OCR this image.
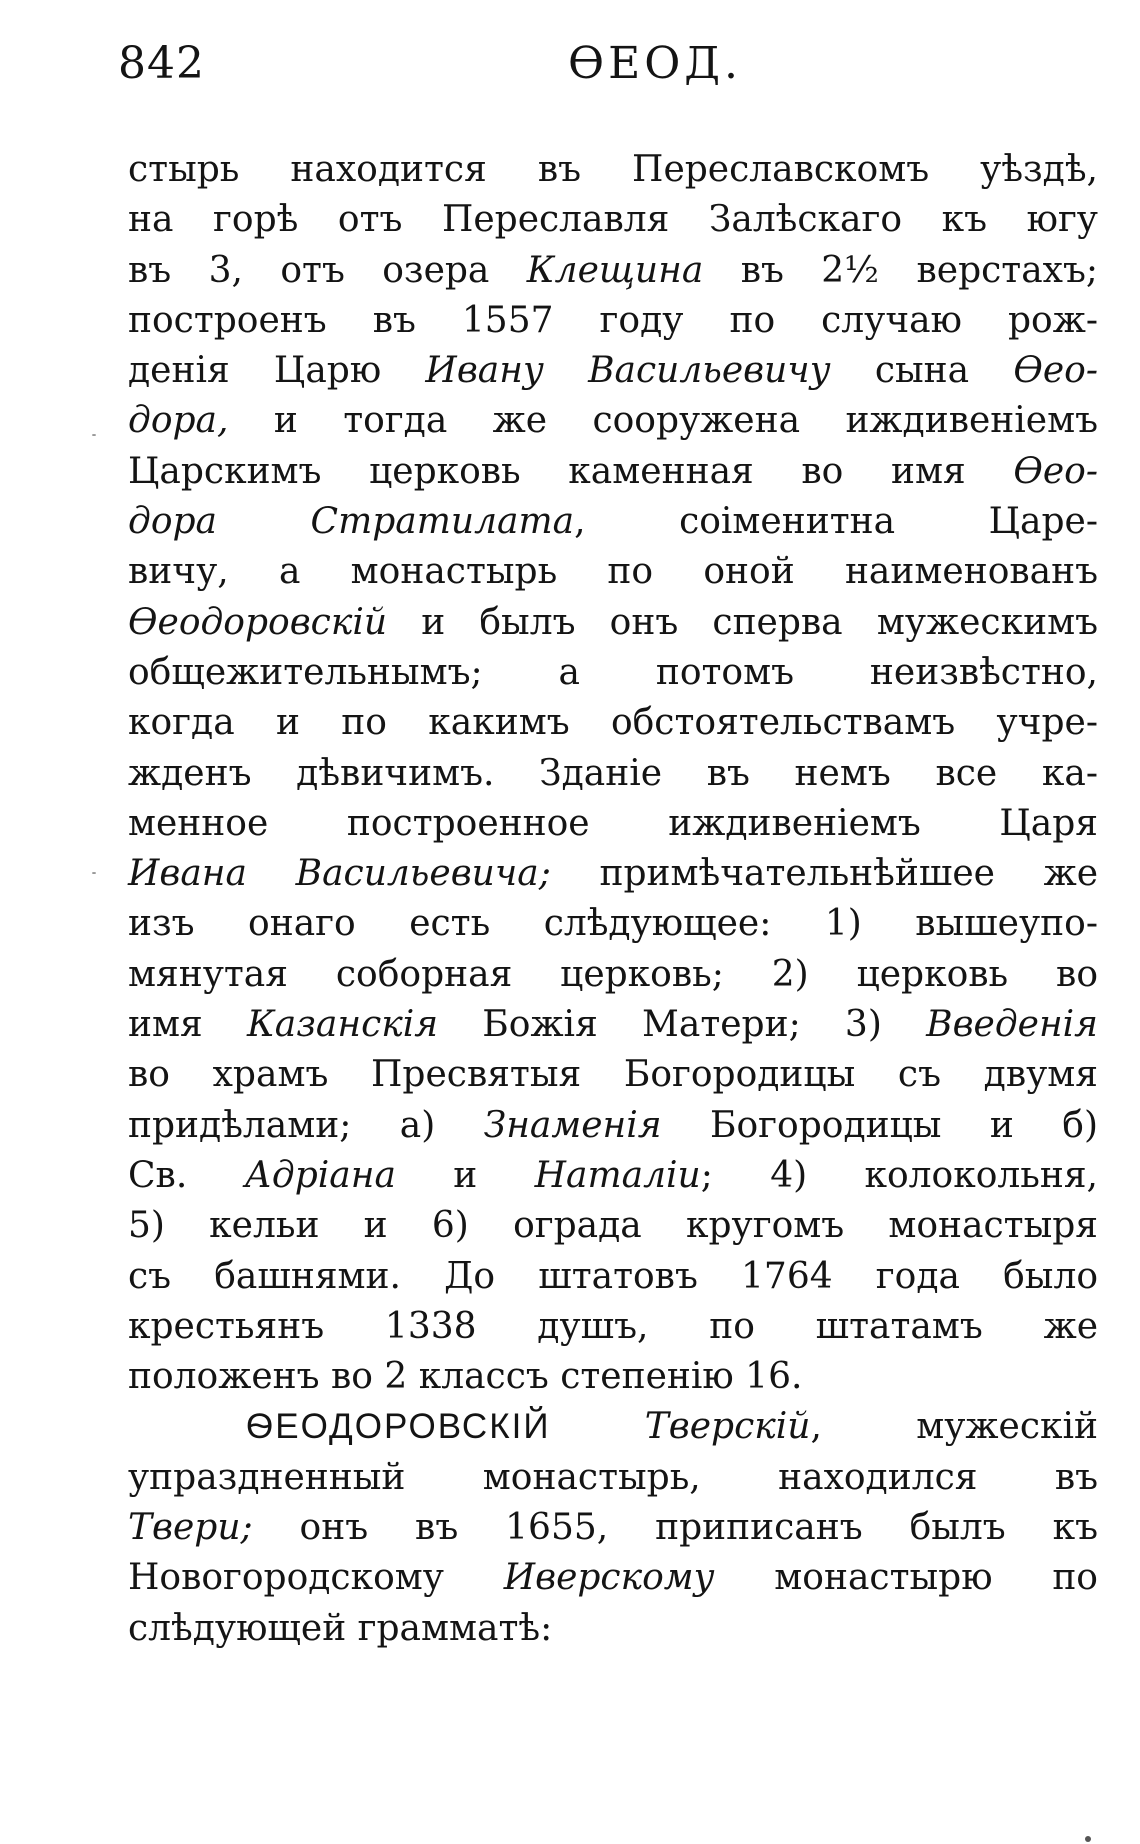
842	ѲЕОД.
стырь находится въ Переславскомъ уѣздѣ,
на горѣ отъ Переславля Залѣскаго къ югу
въ 3, отъ озера Клещина въ 2½ верстахъ;
построенъ въ 1557 году по случаю рож-
денія Царю Ивану Васильевичу сына Ѳео-
дора, и тогда же сооружена иждивеніемъ
Царскимъ церковь каменная во имя Ѳео-
дора Стратилата, соіменитна Царе-
вичу, а монастырь по оной наименованъ
Ѳеодоровскій и былъ онъ сперва мужескимъ
общежительнымъ; а потомъ неизвѣстно,
когда и по какимъ обстоятельствамъ учре-
жденъ дѣвичимъ. Зданіе въ немъ все ка-
менное построенное иждивеніемъ Царя
Ивана Васильевича; примѣчательнѣйшее же
изъ онаго есть слѣдующее: 1) вышеупо-
мянутая соборная церковь; 2) церковь во
имя Казанскія Божія Матери; 3) Введенія
во храмъ Пресвятыя Богородицы съ двумя
придѣлами; а) Знаменія Богородицы и б)
Св. Адріана и Наталіи; 4) колокольня,
5) кельи и 6) ограда кругомъ монастыря
съ башнями. До штатовъ 1764 года было
крестьянъ 1338 душъ, по штатамъ же
положенъ во 2 классъ степенію 16.
ѲЕОДОРОВСКІЙ	Тверскій, мужескій
упраздненный монастырь, находился въ
Твери; онъ въ 1655, приписанъ былъ къ
Новогородскому Иверскому монастырю по
слѣдующей граммaтѣ:
